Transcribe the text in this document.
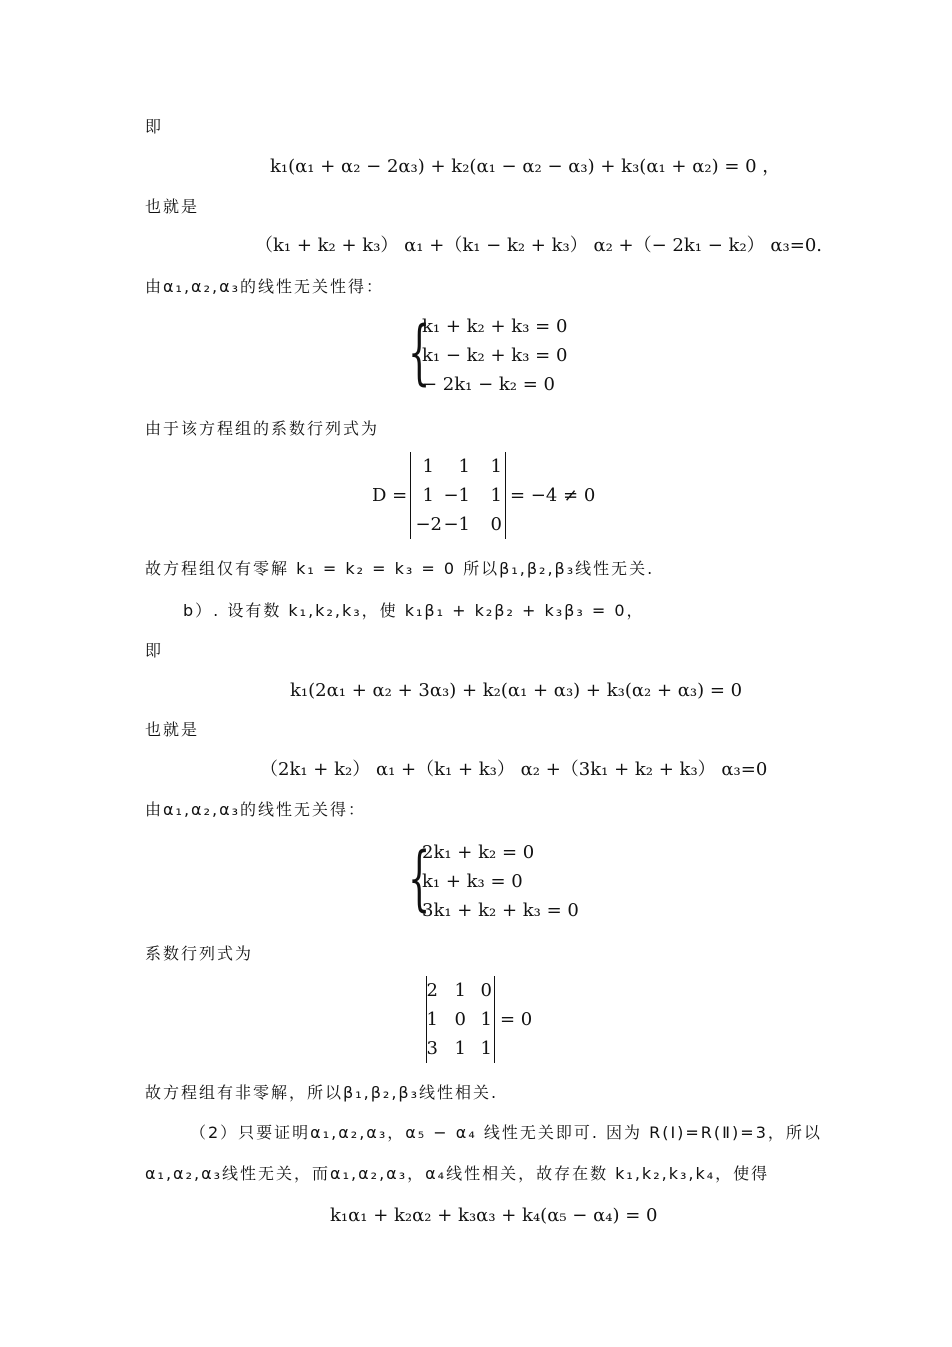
即
k₁(α₁ + α₂ − 2α₃) + k₂(α₁ − α₂ − α₃) + k₃(α₁ + α₂) = 0 ，
也就是
（k₁ + k₂ + k₃） α₁ +（k₁ − k₂ + k₃） α₂ +（− 2k₁ − k₂） α₃=0.
由α₁,α₂,α₃的线性无关性得：
{
k₁ + k₂ + k₃ = 0
k₁ − k₂ + k₃ = 0
− 2k₁ − k₂ = 0
由于该方程组的系数行列式为
D =
1	1	1
1 −1	1
−2 −1	0
= −4 ≠ 0
故方程组仅有零解 k₁ = k₂ = k₃ = 0 所以β₁,β₂,β₃线性无关.
b）. 设有数 k₁,k₂,k₃，使 k₁β₁ + k₂β₂ + k₃β₃ = 0，
即
k₁(2α₁ + α₂ + 3α₃) + k₂(α₁ + α₃) + k₃(α₂ + α₃) = 0
也就是
（2k₁ + k₂） α₁ +（k₁ + k₃） α₂ +（3k₁ + k₂ + k₃） α₃=0
由α₁,α₂,α₃的线性无关得：
{
2k₁ + k₂ = 0
k₁ + k₃ = 0
3k₁ + k₂ + k₃ = 0
系数行列式为
2 1 0
1 0 1
3 1 1
= 0
故方程组有非零解，所以β₁,β₂,β₃线性相关.
（2）只要证明α₁,α₂,α₃，α₅ − α₄ 线性无关即可. 因为 R(Ⅰ)=R(Ⅱ)=3，所以
α₁,α₂,α₃线性无关，而α₁,α₂,α₃，α₄线性相关，故存在数 k₁,k₂,k₃,k₄，使得
k₁α₁ + k₂α₂ + k₃α₃ + k₄(α₅ − α₄) = 0
